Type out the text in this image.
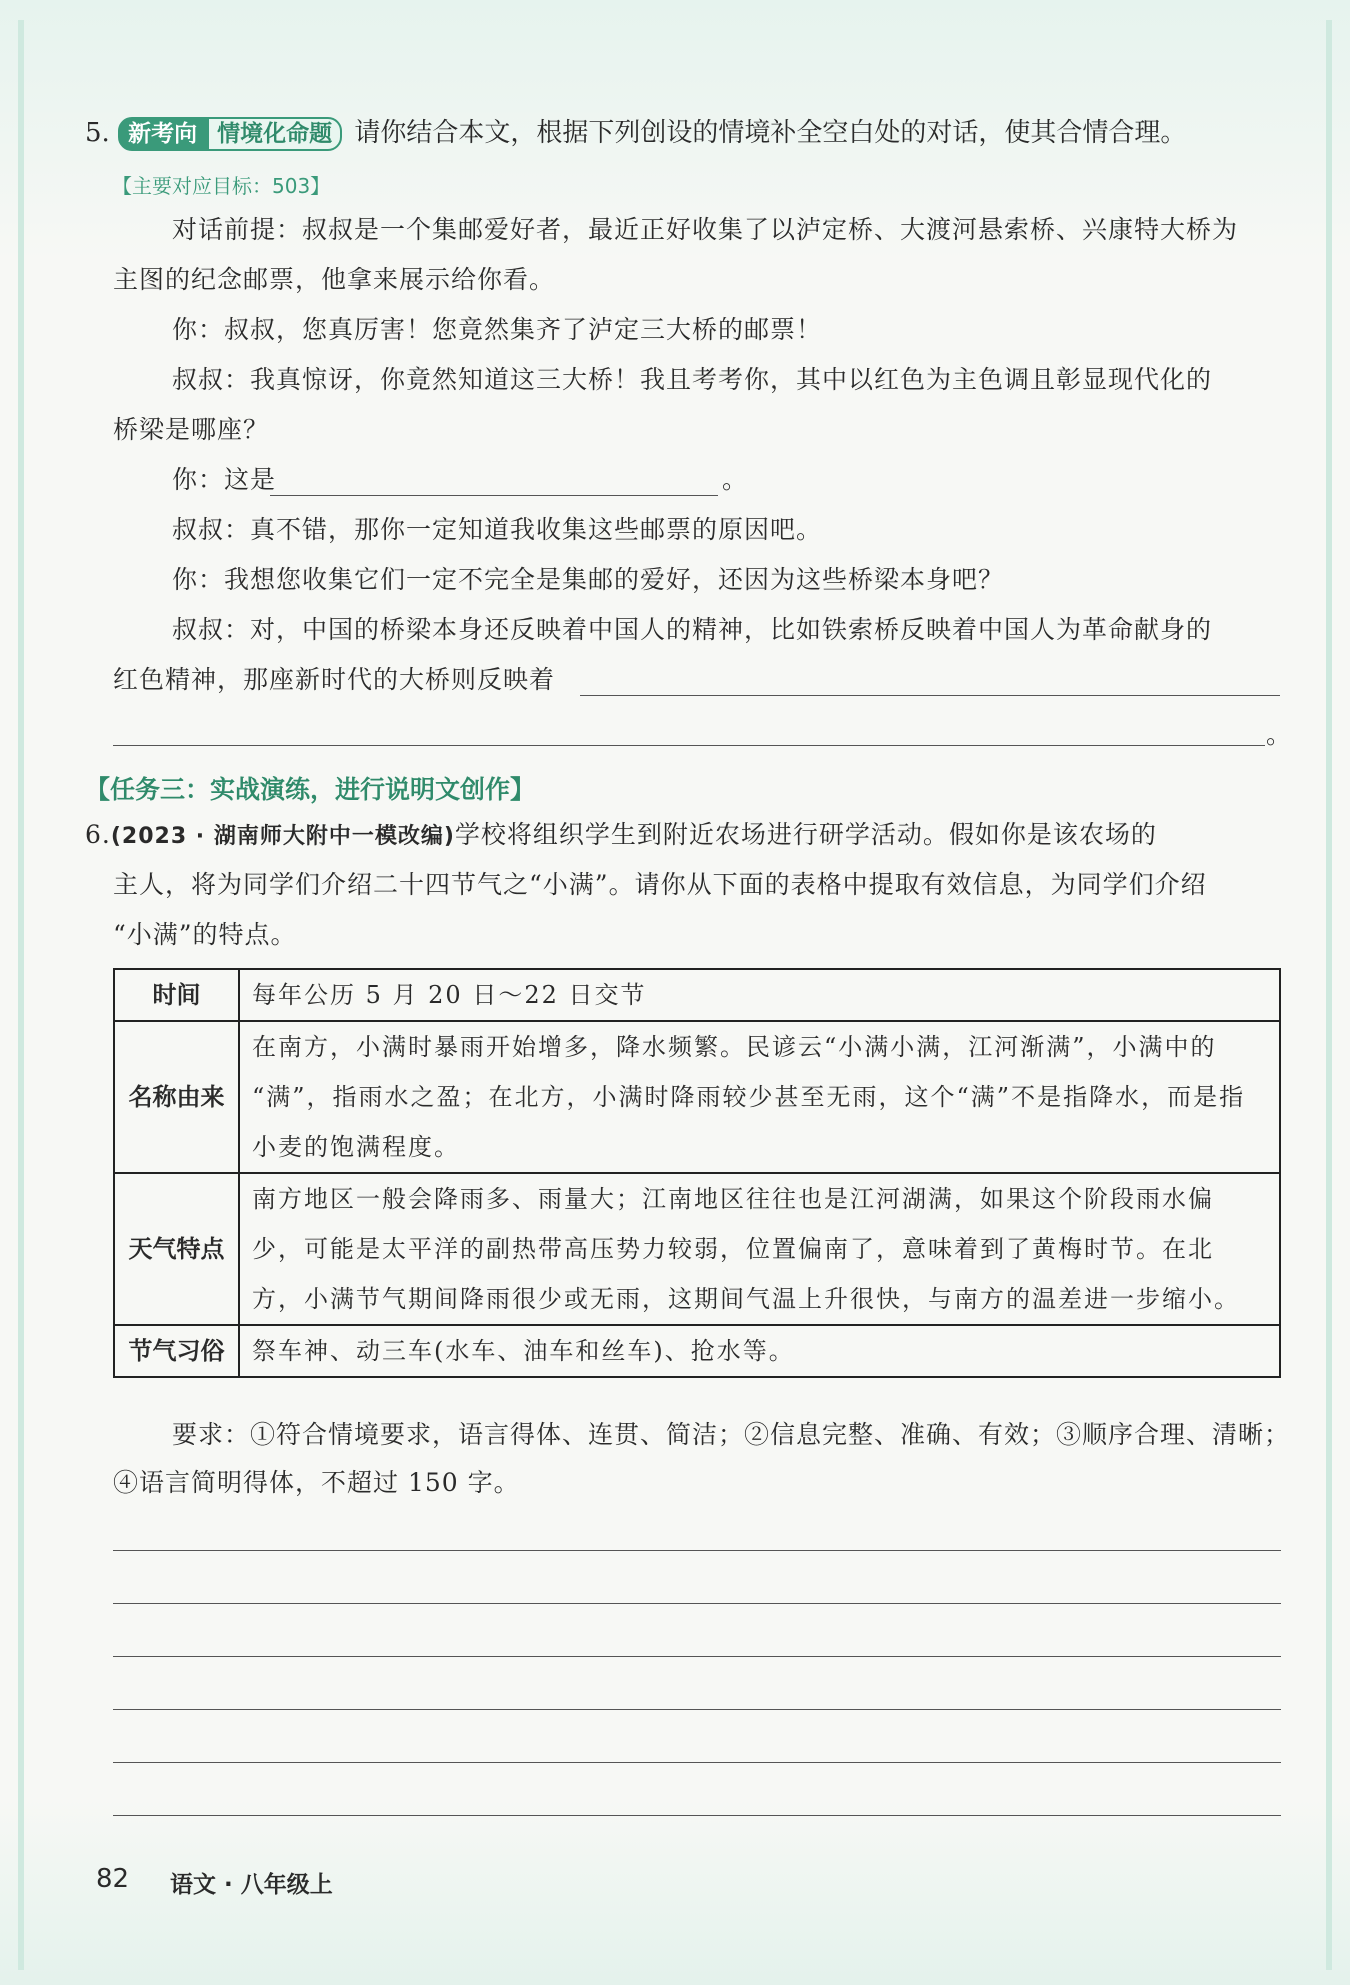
5. 新考向 情境化命题 请你结合本文，根据下列创设的情境补全空白处的对话，使其合情合理。
【主要对应目标：503】
对话前提：叔叔是一个集邮爱好者，最近正好收集了以泸定桥、大渡河悬索桥、兴康特大桥为
主图的纪念邮票，他拿来展示给你看。
你：叔叔，您真厉害！您竟然集齐了泸定三大桥的邮票！
叔叔：我真惊讶，你竟然知道这三大桥！我且考考你，其中以红色为主色调且彰显现代化的
桥梁是哪座？
你：这是	。
叔叔：真不错，那你一定知道我收集这些邮票的原因吧。
你：我想您收集它们一定不完全是集邮的爱好，还因为这些桥梁本身吧？
叔叔：对，中国的桥梁本身还反映着中国人的精神，比如铁索桥反映着中国人为革命献身的
红色精神，那座新时代的大桥则反映着
。
【任务三：实战演练，进行说明文创作】
6.(2023 · 湖南师大附中一模改编)学校将组织学生到附近农场进行研学活动。假如你是该农场的
主人，将为同学们介绍二十四节气之“小满”。请你从下面的表格中提取有效信息，为同学们介绍
“小满”的特点。
时间	每年公历 5 月 20 日～22 日交节

名称由来	在南方，小满时暴雨开始增多，降水频繁。民谚云“小满小满，江河渐满”，小满中的
“满”，指雨水之盈；在北方，小满时降雨较少甚至无雨，这个“满”不是指降水，而是指
小麦的饱满程度。

天气特点	南方地区一般会降雨多、雨量大；江南地区往往也是江河湖满，如果这个阶段雨水偏
少，可能是太平洋的副热带高压势力较弱，位置偏南了，意味着到了黄梅时节。在北
方，小满节气期间降雨很少或无雨，这期间气温上升很快，与南方的温差进一步缩小。

节气习俗	祭车神、动三车(水车、油车和丝车)、抢水等。
要求：①符合情境要求，语言得体、连贯、简洁；②信息完整、准确、有效；③顺序合理、清晰；
④语言简明得体，不超过 150 字。
82 语文 · 八年级上
